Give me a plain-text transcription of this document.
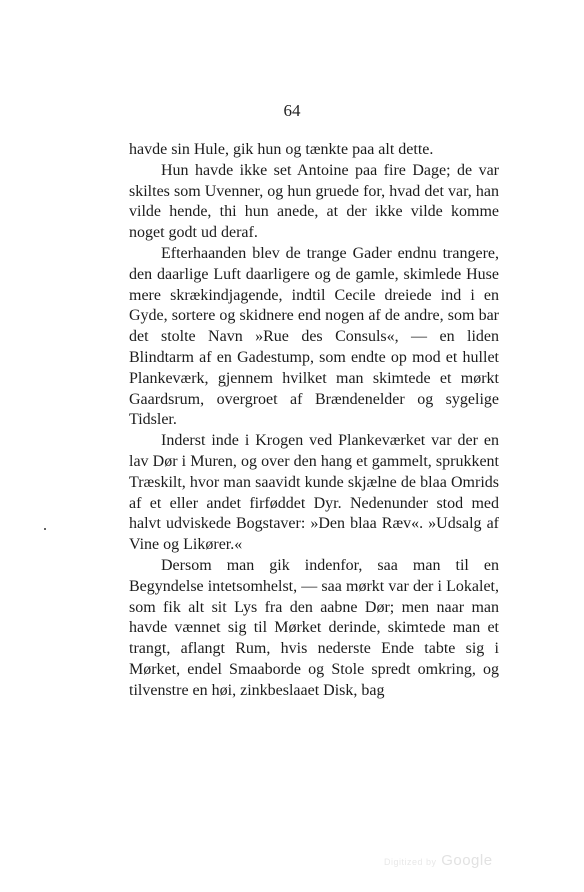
64

havde sin Hule, gik hun og tænkte paa alt dette.

Hun havde ikke set Antoine paa fire Dage; de var skiltes som Uvenner, og hun gruede for, hvad det var, han vilde hende, thi hun anede, at der ikke vilde komme noget godt ud deraf.

Efterhaanden blev de trange Gader endnu trangere, den daarlige Luft daarligere og de gamle, skimlede Huse mere skrækindjagende, indtil Cecile dreiede ind i en Gyde, sortere og skidnere end nogen af de andre, som bar det stolte Navn »Rue des Consuls«, — en liden Blindtarm af en Gadestump, som endte op mod et hullet Plankeværk, gjennem hvilket man skimtede et mørkt Gaardsrum, overgroet af Brændenelder og sygelige Tidsler.

Inderst inde i Krogen ved Plankeværket var der en lav Dør i Muren, og over den hang et gammelt, sprukkent Træskilt, hvor man saavidt kunde skjælne de blaa Omrids af et eller andet firføddet Dyr. Nedenunder stod med halvt udviskede Bogstaver: »Den blaa Ræv«. »Udsalg af Vine og Likører.«

Dersom man gik indenfor, saa man til en Begyndelse intetsomhelst, — saa mørkt var der i Lokalet, som fik alt sit Lys fra den aabne Dør; men naar man havde vænnet sig til Mørket derinde, skimtede man et trangt, aflangt Rum, hvis nederste Ende tabte sig i Mørket, endel Smaaborde og Stole spredt omkring, og tilvenstre en høi, zinkbeslaaet Disk, bag

Digitized by Google
